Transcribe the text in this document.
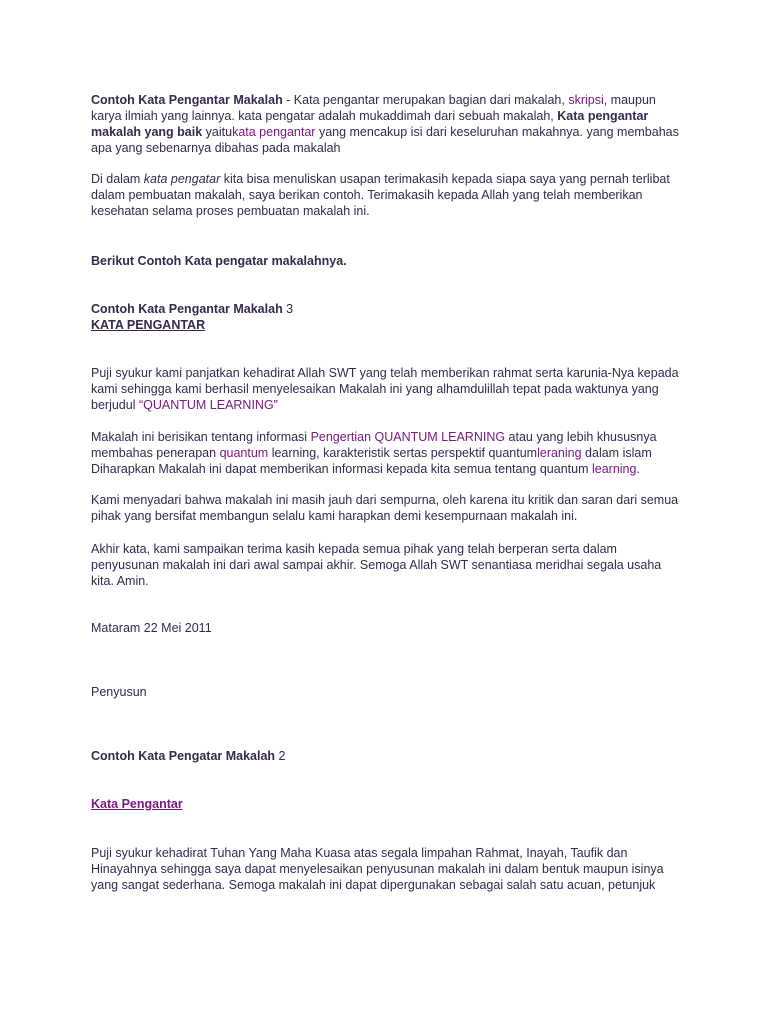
Contoh Kata Pengantar Makalah - Kata pengantar merupakan bagian dari makalah, skripsi, maupun karya ilmiah yang lainnya. kata pengatar adalah mukaddimah dari sebuah makalah, Kata pengantar makalah yang baik yaitukata pengantar yang mencakup isi dari keseluruhan makahnya. yang membahas apa yang sebenarnya dibahas pada makalah

Di dalam kata pengatar kita bisa menuliskan usapan terimakasih kepada siapa saya yang pernah terlibat dalam pembuatan makalah, saya berikan contoh. Terimakasih kepada Allah yang telah memberikan kesehatan selama proses pembuatan makalah ini.

Berikut Contoh Kata pengatar makalahnya.

Contoh Kata Pengantar Makalah 3

KATA PENGANTAR

Puji syukur kami panjatkan kehadirat Allah SWT yang telah memberikan rahmat serta karunia-Nya kepada kami sehingga kami berhasil menyelesaikan Makalah ini yang alhamdulillah tepat pada waktunya yang berjudul “QUANTUM LEARNING”

Makalah ini berisikan tentang informasi Pengertian QUANTUM LEARNING atau yang lebih khususnya membahas penerapan quantum learning, karakteristik sertas perspektif quantumleraning dalam islam Diharapkan Makalah ini dapat memberikan informasi kepada kita semua tentang quantum learning.

Kami menyadari bahwa makalah ini masih jauh dari sempurna, oleh karena itu kritik dan saran dari semua pihak yang bersifat membangun selalu kami harapkan demi kesempurnaan makalah ini.

Akhir kata, kami sampaikan terima kasih kepada semua pihak yang telah berperan serta dalam penyusunan makalah ini dari awal sampai akhir. Semoga Allah SWT senantiasa meridhai segala usaha kita. Amin.

Mataram 22 Mei 2011

Penyusun

Contoh Kata Pengatar Makalah 2

Kata Pengantar

Puji syukur kehadirat Tuhan Yang Maha Kuasa atas segala limpahan Rahmat, Inayah, Taufik dan Hinayahnya sehingga saya dapat menyelesaikan penyusunan makalah ini dalam bentuk maupun isinya yang sangat sederhana. Semoga makalah ini dapat dipergunakan sebagai salah satu acuan, petunjuk
